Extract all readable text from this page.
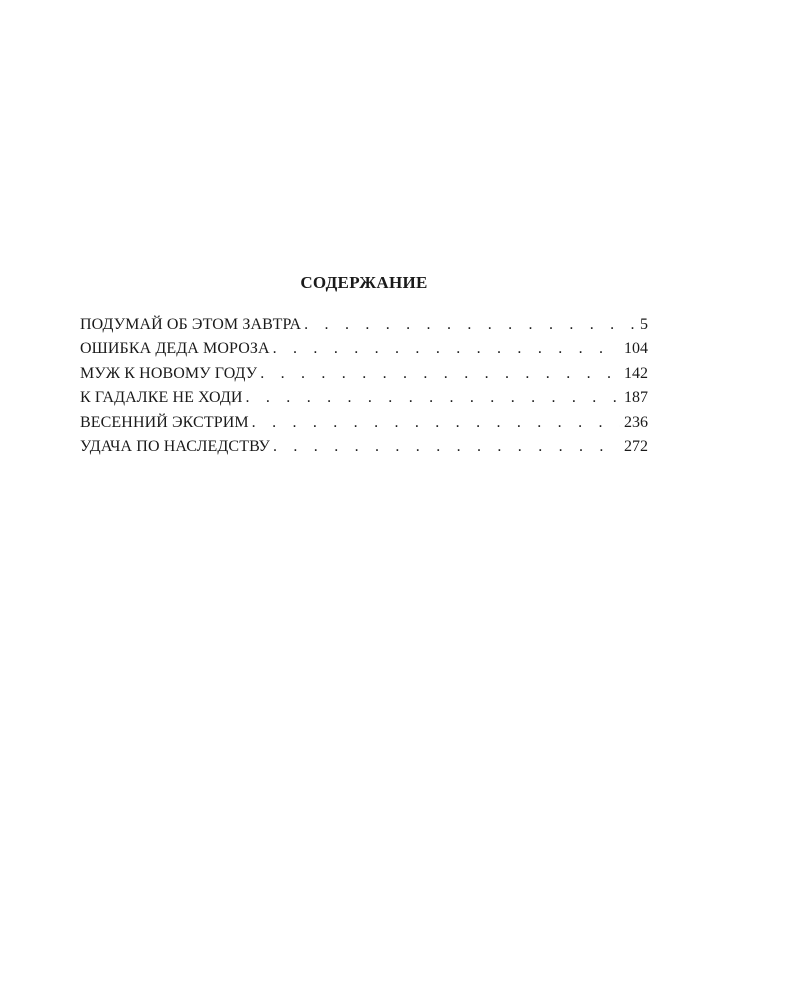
СОДЕРЖАНИЕ
ПОДУМАЙ ОБ ЭТОМ ЗАВТРА . . .	5
ОШИБКА ДЕДА МОРОЗА . . .	104
МУЖ К НОВОМУ ГОДУ . . .	142
К ГАДАЛКЕ НЕ ХОДИ . . .	187
ВЕСЕННИЙ ЭКСТРИМ . . .	236
УДАЧА ПО НАСЛЕДСТВУ . . .	272
